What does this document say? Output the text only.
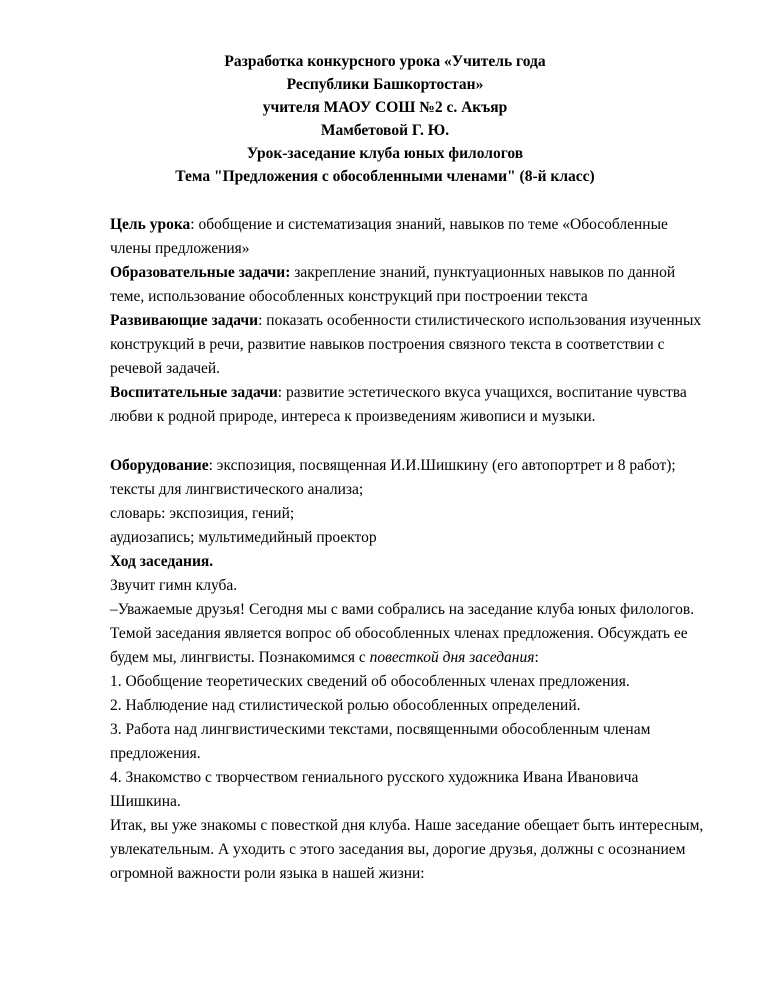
Разработка конкурсного урока «Учитель года

Республики Башкортостан»

учителя МАОУ СОШ №2 с. Акъяр

Мамбетовой Г. Ю.

Урок-заседание клуба юных филологов

Тема "Предложения с обособленными членами" (8-й класс)

Цель урока: обобщение и систематизация знаний, навыков по теме «Обособленные члены предложения»

Образовательные задачи: закрепление знаний, пунктуационных навыков по данной теме, использование обособленных конструкций при построении текста

Развивающие задачи: показать особенности стилистического использования изученных конструкций в речи, развитие навыков построения связного текста в соответствии с речевой задачей.

Воспитательные задачи: развитие эстетического вкуса учащихся, воспитание чувства любви к родной природе, интереса к произведениям живописи и музыки.

Оборудование: экспозиция, посвященная И.И.Шишкину (его автопортрет и 8 работ);

тексты для лингвистического анализа;

словарь: экспозиция, гений;

аудиозапись; мультимедийный проектор

Ход заседания.

Звучит гимн клуба.

–Уважаемые друзья! Сегодня мы с вами собрались на заседание клуба юных филологов. Темой заседания является вопрос об обособленных членах предложения. Обсуждать ее будем мы, лингвисты. Познакомимся с повесткой дня заседания:

1. Обобщение теоретических сведений об обособленных членах предложения.

2. Наблюдение над стилистической ролью обособленных определений.

3. Работа над лингвистическими текстами, посвященными обособленным членам предложения.

4. Знакомство с творчеством гениального русского художника Ивана Ивановича Шишкина.

Итак, вы уже знакомы с повесткой дня клуба. Наше заседание обещает быть интересным, увлекательным. А уходить с этого заседания вы, дорогие друзья, должны с осознанием огромной важности роли языка в нашей жизни:
